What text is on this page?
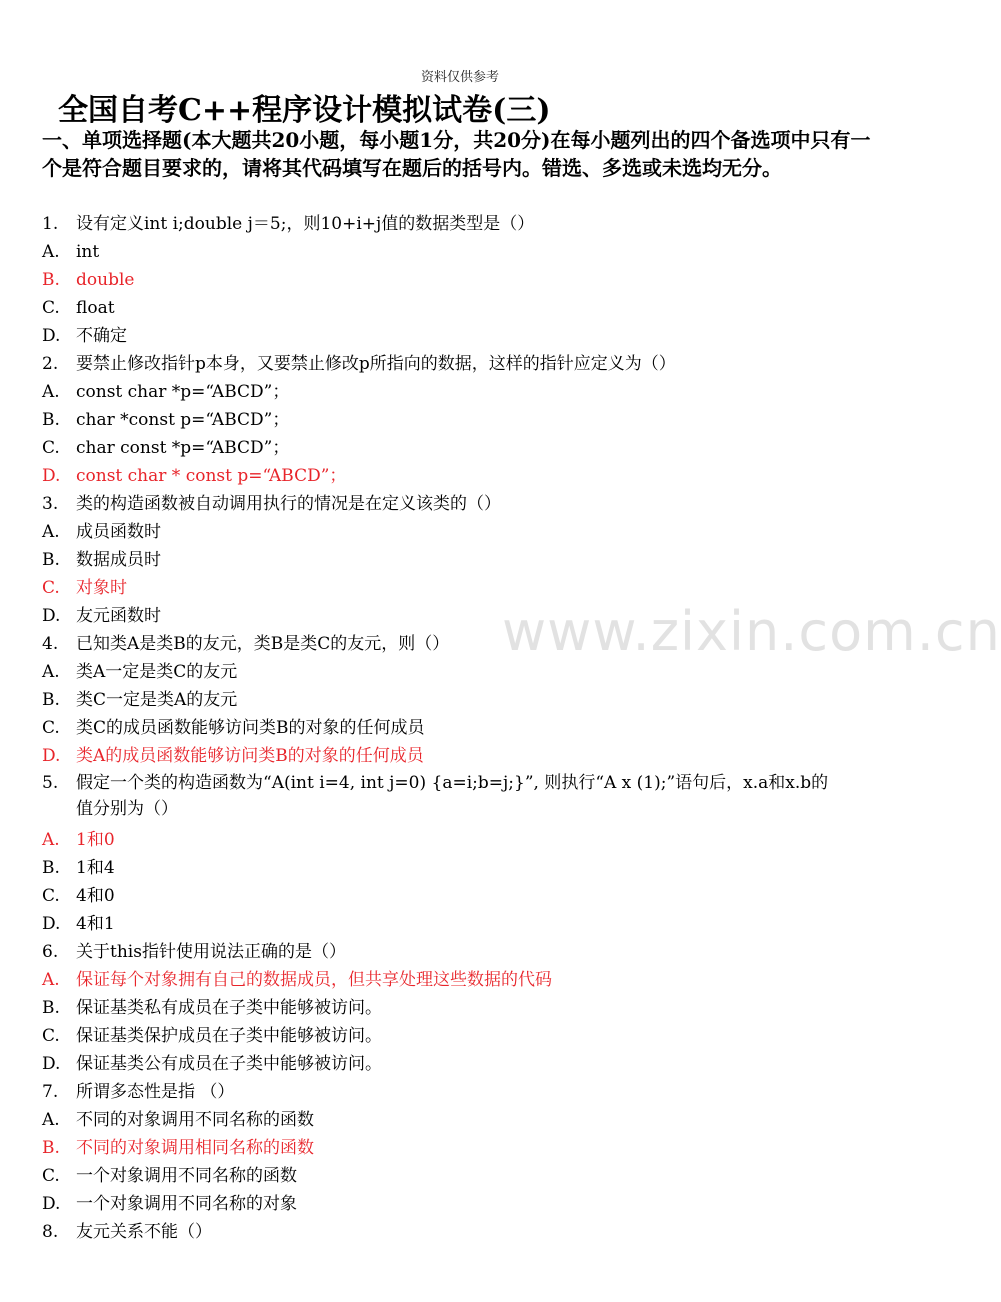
资料仅供参考
全国自考C++程序设计模拟试卷(三)
一、单项选择题(本大题共20小题，每小题1分，共20分)在每小题列出的四个备选项中只有一个是符合题目要求的，请将其代码填写在题后的括号内。错选、多选或未选均无分。
1.	设有定义int i;double j＝5;，则10+i+j值的数据类型是（）
A. int
B. double
C. float
D. 不确定
2.	要禁止修改指针p本身，又要禁止修改p所指向的数据，这样的指针应定义为（）
A. const char *p=“ABCD”；
B. char *const p=“ABCD”；
C. char const *p=“ABCD”；
D. const char * const p=“ABCD”；
3.	类的构造函数被自动调用执行的情况是在定义该类的（）
A. 成员函数时
B. 数据成员时
C. 对象时
D. 友元函数时
4.	已知类A是类B的友元，类B是类C的友元，则（）
A. 类A一定是类C的友元
B. 类C一定是类A的友元
C. 类C的成员函数能够访问类B的对象的任何成员
D. 类A的成员函数能够访问类B的对象的任何成员
5.	假定一个类的构造函数为“A(int i=4, int j=0) {a=i;b=j;}”, 则执行“A x (1);”语句后，x.a和x.b的值分别为（）
A. 1和0
B. 1和4
C. 4和0
D. 4和1
6.	关于this指针使用说法正确的是（）
A. 保证每个对象拥有自己的数据成员，但共享处理这些数据的代码
B. 保证基类私有成员在子类中能够被访问。
C. 保证基类保护成员在子类中能够被访问。
D. 保证基类公有成员在子类中能够被访问。
7.	所谓多态性是指 （）
A. 不同的对象调用不同名称的函数
B. 不同的对象调用相同名称的函数
C. 一个对象调用不同名称的函数
D. 一个对象调用不同名称的对象
8.	友元关系不能（）
www.zixin.com.cn
